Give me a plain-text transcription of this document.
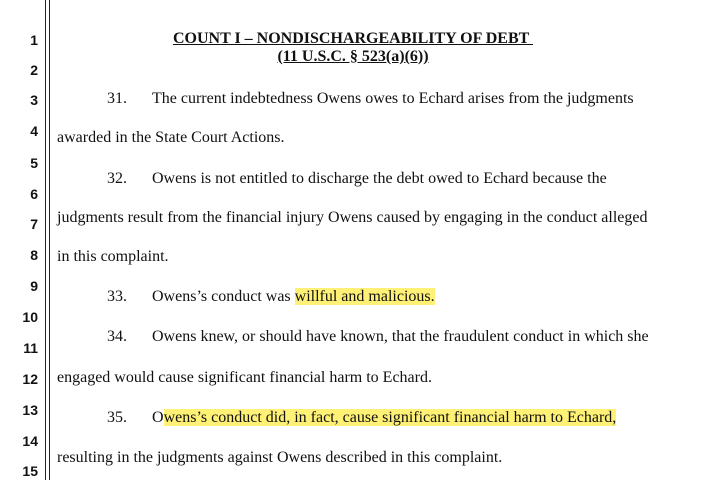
1
2
3
4
5
6
7
8
9
10
11
12
13
14
15
COUNT I – NONDISCHARGEABILITY OF DEBT
(11 U.S.C. § 523(a)(6))
31. The current indebtedness Owens owes to Echard arises from the judgments
awarded in the State Court Actions.
32. Owens is not entitled to discharge the debt owed to Echard because the
judgments result from the financial injury Owens caused by engaging in the conduct alleged
in this complaint.
33. Owens’s conduct was willful and malicious.
34. Owens knew, or should have known, that the fraudulent conduct in which she
engaged would cause significant financial harm to Echard.
35. Owens’s conduct did, in fact, cause significant financial harm to Echard,
resulting in the judgments against Owens described in this complaint.
